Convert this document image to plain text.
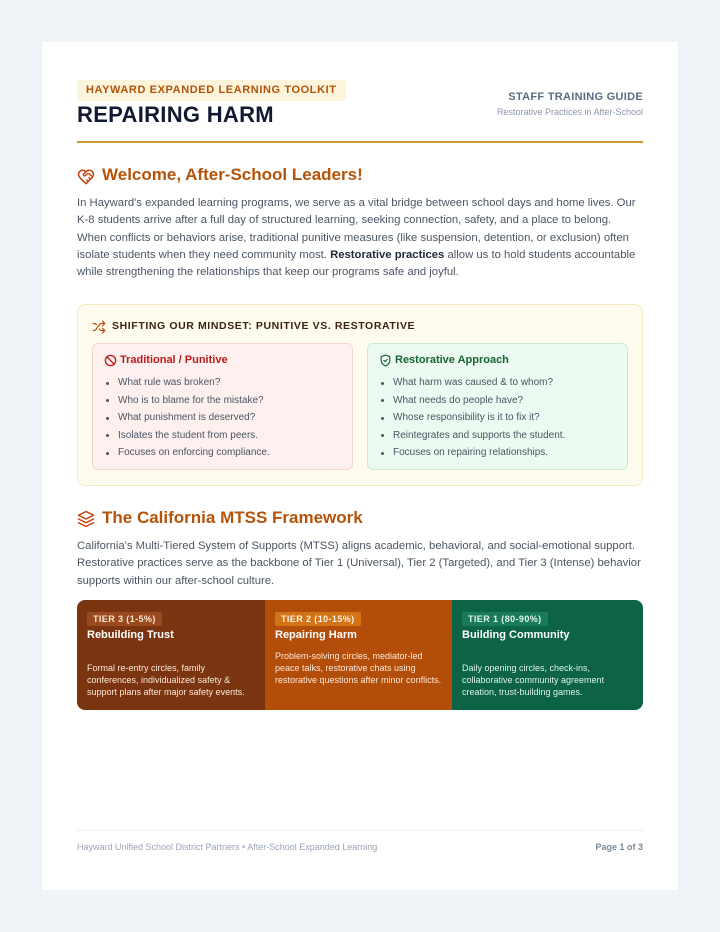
HAYWARD EXPANDED LEARNING TOOLKIT
REPAIRING HARM
STAFF TRAINING GUIDE
Restorative Practices in After-School
Welcome, After-School Leaders!
In Hayward's expanded learning programs, we serve as a vital bridge between school days and home lives. Our K-8 students arrive after a full day of structured learning, seeking connection, safety, and a place to belong. When conflicts or behaviors arise, traditional punitive measures (like suspension, detention, or exclusion) often isolate students when they need community most. Restorative practices allow us to hold students accountable while strengthening the relationships that keep our programs safe and joyful.
SHIFTING OUR MINDSET: PUNITIVE VS. RESTORATIVE
Traditional / Punitive
What rule was broken?
Who is to blame for the mistake?
What punishment is deserved?
Isolates the student from peers.
Focuses on enforcing compliance.
Restorative Approach
What harm was caused & to whom?
What needs do people have?
Whose responsibility is it to fix it?
Reintegrates and supports the student.
Focuses on repairing relationships.
The California MTSS Framework
California's Multi-Tiered System of Supports (MTSS) aligns academic, behavioral, and social-emotional support. Restorative practices serve as the backbone of Tier 1 (Universal), Tier 2 (Targeted), and Tier 3 (Intense) behavior supports within our after-school culture.
TIER 3 (1-5%)
Rebuilding Trust
Formal re-entry circles, family conferences, individualized safety & support plans after major safety events.
TIER 2 (10-15%)
Repairing Harm
Problem-solving circles, mediator-led peace talks, restorative chats using restorative questions after minor conflicts.
TIER 1 (80-90%)
Building Community
Daily opening circles, check-ins, collaborative community agreement creation, trust-building games.
Hayward Unified School District Partners • After-School Expanded Learning	Page 1 of 3
